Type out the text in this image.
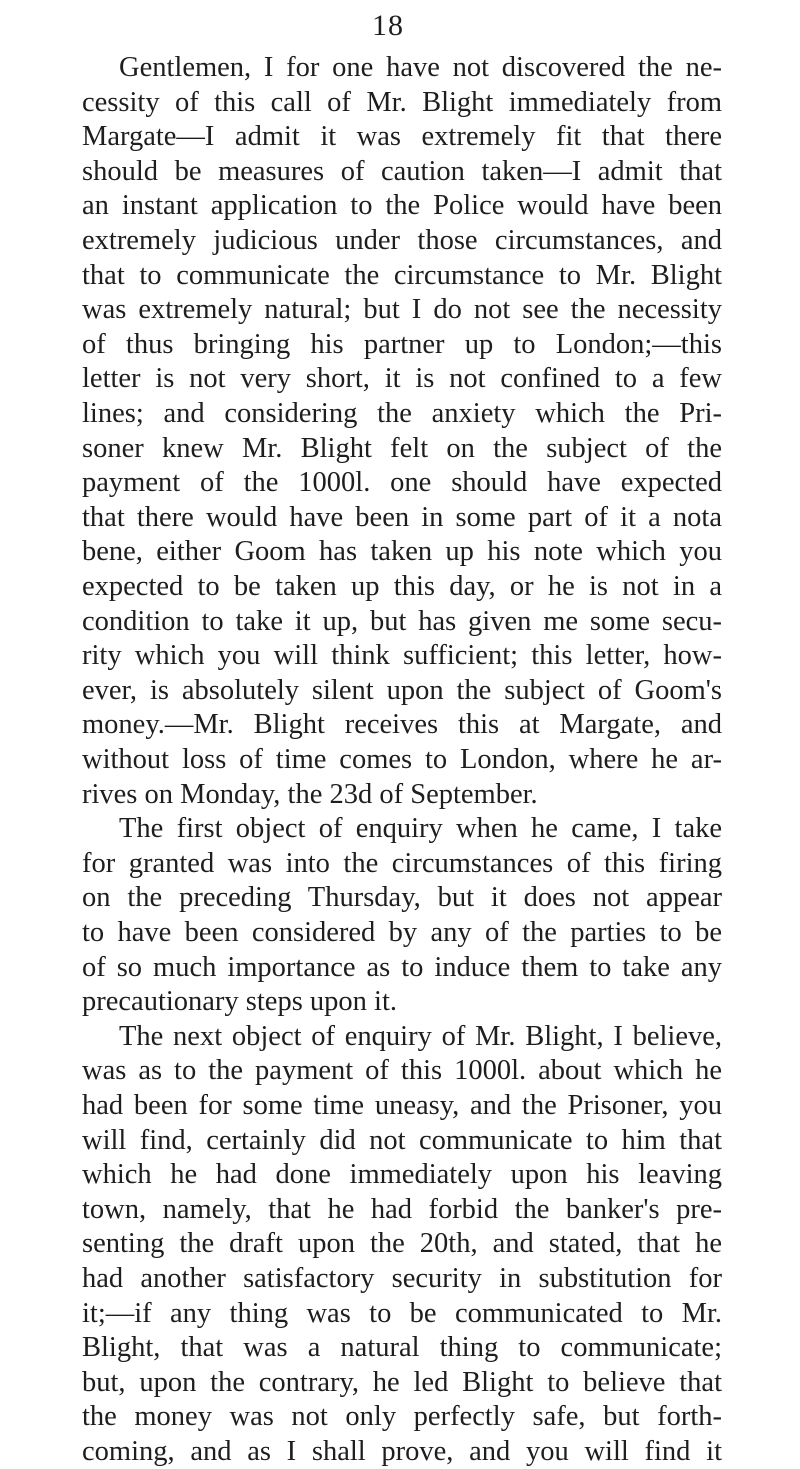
18
Gentlemen, I for one have not discovered the ne-
cessity of this call of Mr. Blight immediately from
Margate—I admit it was extremely fit that there
should be measures of caution taken—I admit that
an instant application to the Police would have been
extremely judicious under those circumstances, and
that to communicate the circumstance to Mr. Blight
was extremely natural; but I do not see the necessity
of thus bringing his partner up to London;—this
letter is not very short, it is not confined to a few
lines; and considering the anxiety which the Pri-
soner knew Mr. Blight felt on the subject of the
payment of the 1000l. one should have expected
that there would have been in some part of it a nota
bene, either Goom has taken up his note which you
expected to be taken up this day, or he is not in a
condition to take it up, but has given me some secu-
rity which you will think sufficient; this letter, how-
ever, is absolutely silent upon the subject of Goom's
money.—Mr. Blight receives this at Margate, and
without loss of time comes to London, where he ar-
rives on Monday, the 23d of September.
The first object of enquiry when he came, I take
for granted was into the circumstances of this firing
on the preceding Thursday, but it does not appear
to have been considered by any of the parties to be
of so much importance as to induce them to take any
precautionary steps upon it.
The next object of enquiry of Mr. Blight, I believe,
was as to the payment of this 1000l. about which he
had been for some time uneasy, and the Prisoner, you
will find, certainly did not communicate to him that
which he had done immediately upon his leaving
town, namely, that he had forbid the banker's pre-
senting the draft upon the 20th, and stated, that he
had another satisfactory security in substitution for
it;—if any thing was to be communicated to Mr.
Blight, that was a natural thing to communicate;
but, upon the contrary, he led Blight to believe that
the money was not only perfectly safe, but forth-
coming, and as I shall prove, and you will find it
